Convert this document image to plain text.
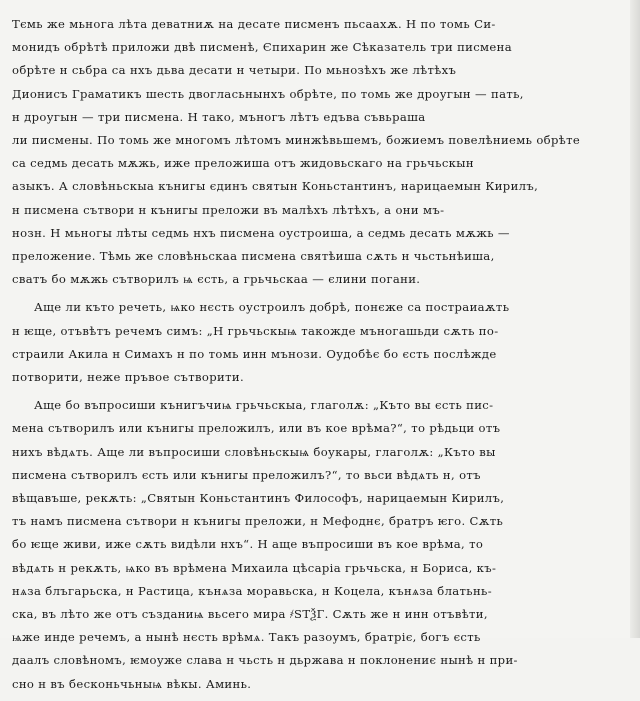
Тємь же мьнога лѣта деватниѫ на десате писменъ пьсаахѫ. Н по томь Си-
монидъ обрѣтѣ приложи двѣ писменѣ, Єпихарин же Сѣказатель три писмена
обрѣте н сьбра са нхъ дьва десати н четыри. По мьнозѣхъ же лѣтѣхъ
Дионисъ Граматикъ шесть двогласьнынхъ обрѣте, по томь же дроугын — пать,
н дроугын — три писмена. Н тако, мъногъ лѣтъ едъва съвьраша
ли писмены. По томь же многомъ лѣтомъ минжѣвьшемъ, божиемъ повелѣниемь обрѣте
са седмь десать мѫжь, иже преложиша отъ жидовьскаго на грьчьскын
азыкъ. А словѣньскыа кънигы єдинъ святын Коньстантинъ, нарицаемын Кирилъ,
н писмена сътвори н кънигы преложи въ малѣхъ лѣтѣхъ, а они мъ-
нозн. Н мьногы лѣты седмь нхъ писмена оустроиша, а седмь десать мѫжь —
преложение. Тѣмь же словѣньскаа писмена святѣиша сѫть н чьстьнѣиша,
сватъ бо мѫжь сътворилъ ѩ єсть, а грьчьскаа — єлини погани.
Аще ли къто речеть, ѩко нєсть оустроилъ добрѣ, понєже са постраиаѫть
н ѥще, отъвѣтъ речемъ симъ: „Н грьчьскыѩ такожде мъногашьди сѫть по-
страили Акила н Симахъ н по томь инн мънози. Оудобѣє бо єсть послѣжде
потворити, неже пръвое сътворити.
Аще бо въпросиши кънигъчиѩ грьчьскыа, глаголѫ: „Къто вы єсть пис-
мена сътворилъ или кънигы преложилъ, или въ кое врѣма?“, то рѣдьци отъ
нихъ вѣдѧть. Аще ли въпросиши словѣньскыѩ боукары, глаголѫ: „Къто вы
писмена сътворилъ єсть или кънигы преложилъ?“, то вьси вѣдѧть н, отъ
вѣщавъше, рекѫть: „Святын Коньстантинъ Философъ, нарицаемын Кирилъ,
тъ намъ писмена сътвори н кънигы преложи, н Мефоднє, братръ ѥго. Сѫть
бо ѥще живи, иже сѫть видѣли нхъ“. Н аще въпросиши въ кое врѣма, то
вѣдѧть н рекѫть, ѩко въ врѣмена Михаила цѣсаріа грьчьска, н Бориса, къ-
нѧза блъгарьска, н Растица, кънѧза моравьска, н Коцела, кънѧза блатьнь-
ска, въ лѣто же отъ създаниѩ вьсего мира ҂ЅТѮГ. Сѫть же н инн отъвѣти,
ѩже инде речемъ, а нынѣ нєсть врѣмѧ. Такъ разоумъ, братріє, богъ єсть
даалъ словѣномъ, ѥмоуже слава н чьсть н дьржава н поклонениє нынѣ н при-
сно н въ бесконьчьныѩ вѣкы. Аминь.
